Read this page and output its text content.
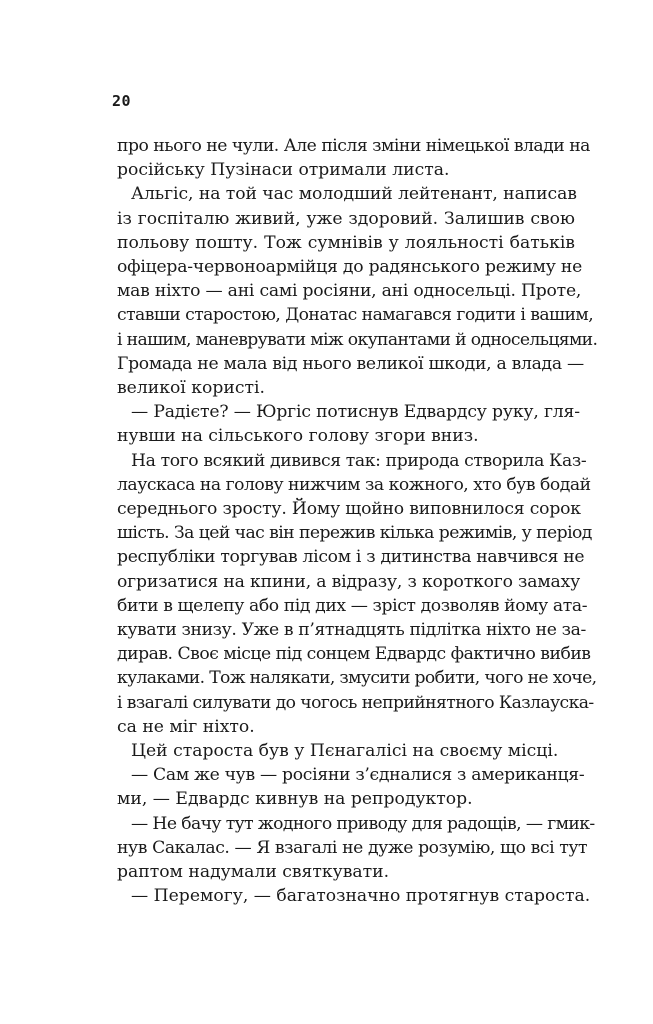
20
про нього не чули. Але після зміни німецької влади на
російську Пузінаси отримали листа.
Альгіс, на той час молодший лейтенант, написав
із госпіталю живий, уже здоровий. Залишив свою
польову пошту. Тож сумнівів у лояльності батьків
офіцера-червоноармійця до радянського режиму не
мав ніхто — ані самі росіяни, ані односельці. Проте,
ставши старостою, Донатас намагався годити і вашим,
і нашим, маневрувати між окупантами й односельцями.
Громада не мала від нього великої шкоди, а влада —
великої користі.
— Радієте? — Юргіс потиснув Едвардсу руку, гля-
нувши на сільського голову згори вниз.
На того всякий дивився так: природа створила Каз-
лаускаса на голову нижчим за кожного, хто був бодай
середнього зросту. Йому щойно виповнилося сорок
шість. За цей час він пережив кілька режимів, у період
республіки торгував лісом і з дитинства навчився не
огризатися на кпини, а відразу, з короткого замаху
бити в щелепу або під дих — зріст дозволяв йому ата-
кувати знизу. Уже в п’ятнадцять підлітка ніхто не за-
дирав. Своє місце під сонцем Едвардс фактично вибив
кулаками. Тож налякати, змусити робити, чого не хоче,
і взагалі силувати до чогось неприйнятного Казлауска-
са не міг ніхто.
Цей староста був у Пєнагалісі на своєму місці.
— Сам же чув — росіяни з’єдналися з американця-
ми, — Едвардс кивнув на репродуктор.
— Не бачу тут жодного приводу для радощів, — гмик-
нув Сакалас. — Я взагалі не дуже розумію, що всі тут
раптом надумали святкувати.
— Перемогу, — багатозначно протягнув староста.
